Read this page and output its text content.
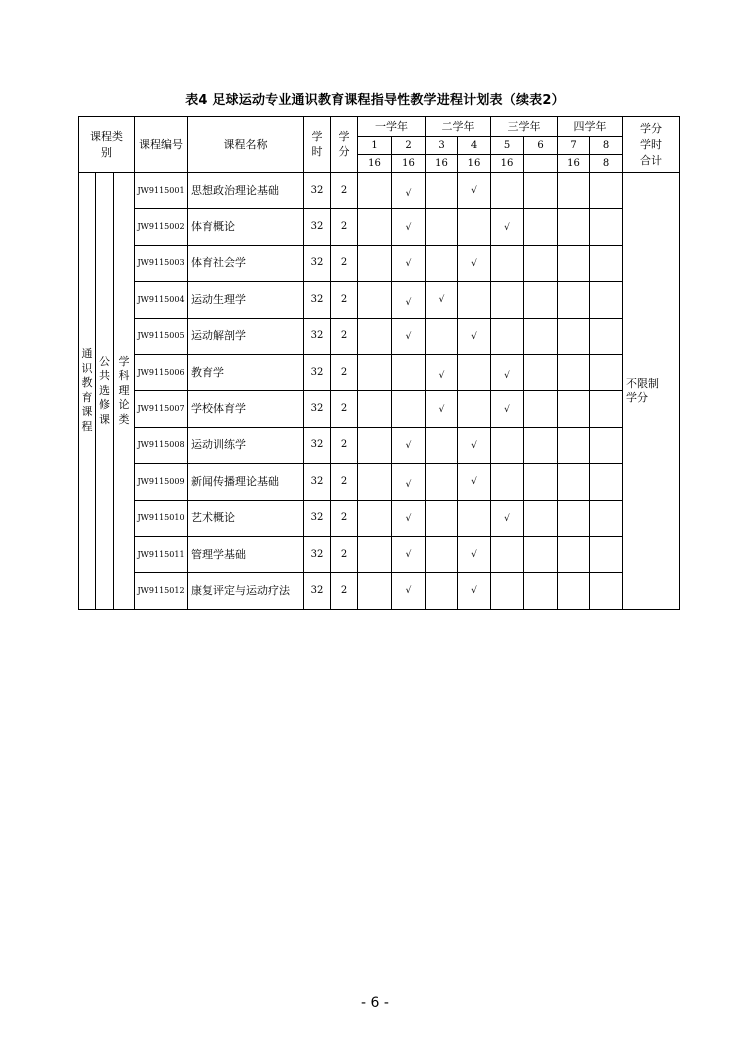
表4 足球运动专业通识教育课程指导性教学进程计划表（续表2）
课程类别			课程编号	课程名称	学时	学分	一学年		二学年		三学年		四学年		学分学时合计
							1	2	3	4	5	6	7	8	
							16	16	16	16	16		16	8	
通识教育课程	公共选修课	学科理论类	JW9115001	思想政治理论基础	32	2		√		√					不限制学分

			JW9115002	体育概论	32	2		√			√				
			JW9115003	体育社会学	32	2		√		√					
			JW9115004	运动生理学	32	2		√	√						
			JW9115005	运动解剖学	32	2		√		√					
			JW9115006	教育学	32	2			√		√				
			JW9115007	学校体育学	32	2			√		√				
			JW9115008	运动训练学	32	2		√		√					
			JW9115009	新闻传播理论基础	32	2		√		√					
			JW9115010	艺术概论	32	2		√			√				
			JW9115011	管理学基础	32	2		√		√					
			JW9115012	康复评定与运动疗法	32	2		√		√					
- 6 -
